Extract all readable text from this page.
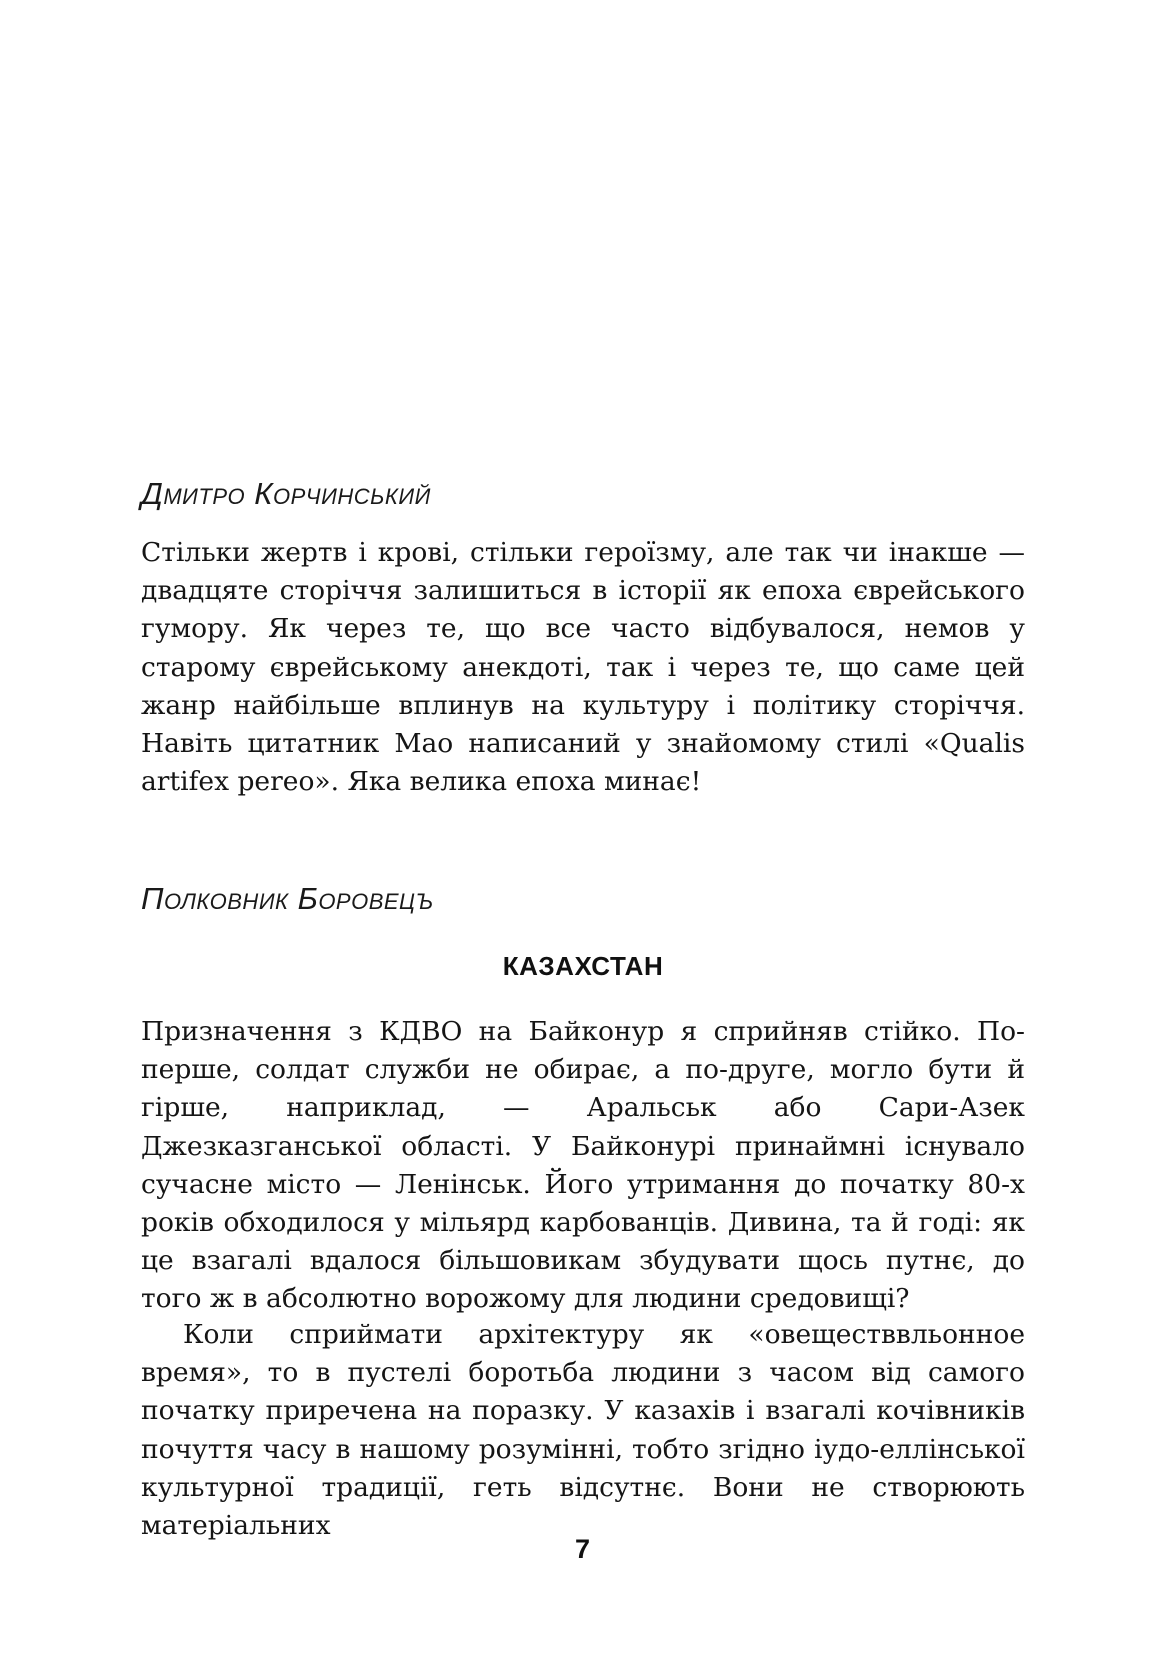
Дмитро Корчинський

Стільки жертв і крові, стільки героїзму, але так чи інакше — двадцяте сторіччя залишиться в історії як епоха єврейського гумору. Як через те, що все часто відбувалося, немов у старому єврейському анекдоті, так і через те, що саме цей жанр найбільше вплинув на культуру і політику сторіччя. Навіть цитатник Мао написаний у знайомому стилі «Qualis artifex pereo». Яка велика епоха минає!

Полковник Боровецъ

КАЗАХСТАН

Призначення з КДВО на Байконур я сприйняв стійко. По-перше, солдат служби не обирає, а по-друге, могло бути й гірше, наприклад, — Аральськ або Сари-Азек Джезказганської області. У Байконурі принаймні існувало сучасне місто — Ленінськ. Його утримання до початку 80-х років обходилося у мільярд карбованців. Дивина, та й годі: як це взагалі вдалося більшовикам збудувати щось путнє, до того ж в абсолютно ворожому для людини средовищі?

Коли сприймати архітектуру як «овеществвльонное время», то в пустелі боротьба людини з часом від самого початку приречена на поразку. У казахів і взагалі кочівників почуття часу в нашому розумінні, тобто згідно іудо-еллінської культурної традиції, геть відсутнє. Вони не створюють матеріальних

7
